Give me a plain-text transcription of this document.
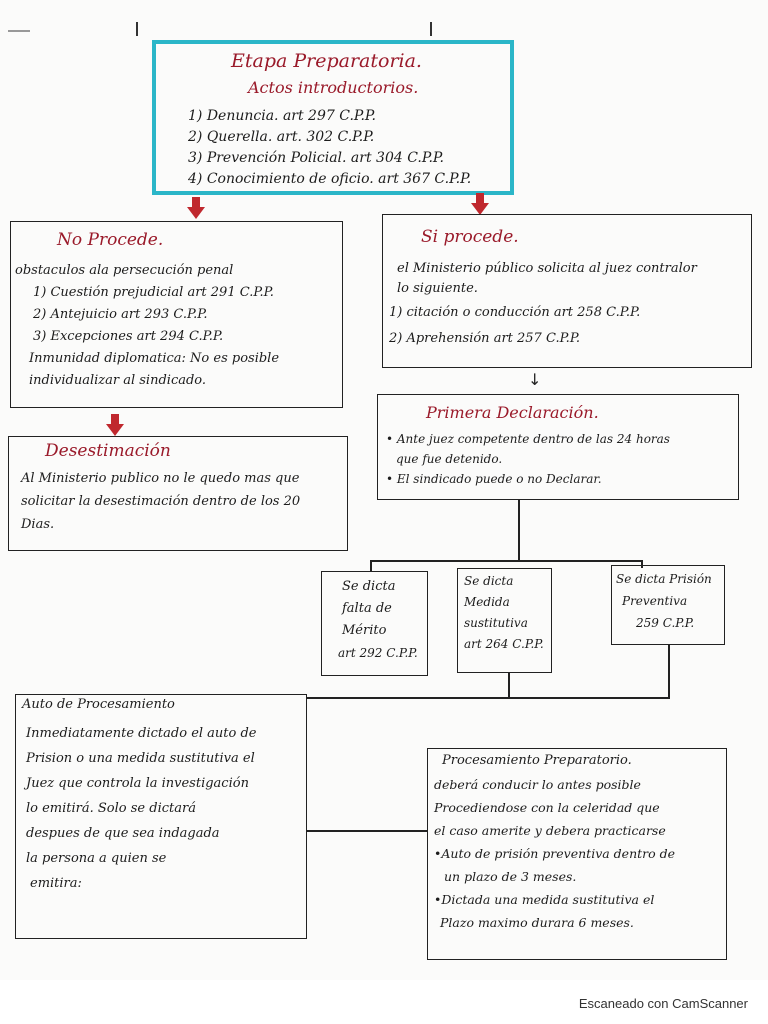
Etapa Preparatoria.
Actos introductorios.

1) Denuncia. art 297 C.P.P.

2) Querella. art. 302 C.P.P.

3) Prevención Policial. art 304 C.P.P.

4) Conocimiento de oficio. art 367 C.P.P.

No Procede.

obstaculos ala persecución penal

1) Cuestión prejudicial art 291 C.P.P.

2) Antejuicio art 293 C.P.P.

3) Excepciones art 294 C.P.P.

Inmunidad diplomatica: No es posible

individualizar al sindicado.

Si procede.

el Ministerio público solicita al juez contralor

lo siguiente.

1) citación o conducción art 258 C.P.P.

2) Aprehensión art 257 C.P.P.

↓
Desestimación

Al Ministerio publico no le quedo mas que

solicitar la desestimación dentro de los 20

Dias.

Primera Declaración.

• Ante juez competente dentro de las 24 horas

que fue detenido.

• El sindicado puede o no Declarar.

Se dicta

falta de

Mérito

art 292 C.P.P.

Se dicta

Medida

sustitutiva

art 264 C.P.P.

Se dicta Prisión

Preventiva

259 C.P.P.

Auto de Procesamiento

Inmediatamente dictado el auto de

Prision o una medida sustitutiva el

Juez que controla la investigación

lo emitirá. Solo se dictará

despues de que sea indagada

la persona a quien se

emitira:

Procesamiento Preparatorio.

deberá conducir lo antes posible

Procediendose con la celeridad que

el caso amerite y debera practicarse

•Auto de prisión preventiva dentro de

un plazo de 3 meses.

•Dictada una medida sustitutiva el

Plazo maximo durara 6 meses.

Escaneado con CamScanner
